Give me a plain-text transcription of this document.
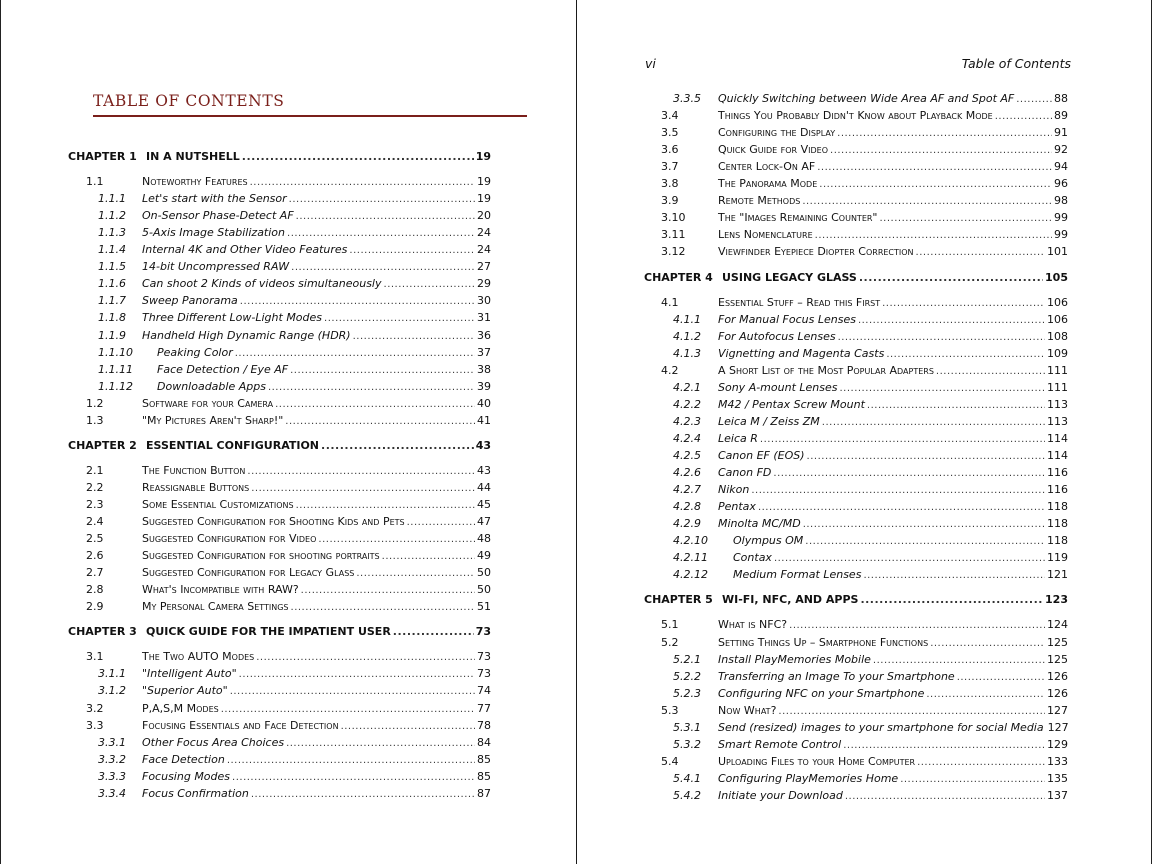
TABLE OF CONTENTS
CHAPTER 1 IN A NUTSHELL .....	19
1.1	Noteworthy Features .....	19
1.1.1	Let's start with the Sensor .....	19
1.1.2	On-Sensor Phase-Detect AF .....	20
1.1.3	5-Axis Image Stabilization .....	24
1.1.4	Internal 4K and Other Video Features .....	24
1.1.5	14-bit Uncompressed RAW .....	27
1.1.6	Can shoot 2 Kinds of videos simultaneously .....	29
1.1.7	Sweep Panorama .....	30
1.1.8	Three Different Low-Light Modes .....	31
1.1.9	Handheld High Dynamic Range (HDR) .....	36
1.1.10	Peaking Color .....	37
1.1.11	Face Detection / Eye AF .....	38
1.1.12	Downloadable Apps .....	39
1.2	Software for your Camera .....	40
1.3	"My Pictures Aren't Sharp!" .....	41
CHAPTER 2 ESSENTIAL CONFIGURATION .....	43
2.1	The Function Button .....	43
2.2	Reassignable Buttons .....	44
2.3	Some Essential Customizations .....	45
2.4	Suggested Configuration for Shooting Kids and Pets .....	47
2.5	Suggested Configuration for Video .....	48
2.6	Suggested Configuration for shooting portraits .....	49
2.7	Suggested Configuration for Legacy Glass .....	50
2.8	What's Incompatible with RAW? .....	50
2.9	My Personal Camera Settings .....	51
CHAPTER 3 QUICK GUIDE FOR THE IMPATIENT USER .....	73
3.1	The Two AUTO Modes .....	73
3.1.1	"Intelligent Auto" .....	73
3.1.2	"Superior Auto" .....	74
3.2	P,A,S,M Modes .....	77
3.3	Focusing Essentials and Face Detection .....	78
3.3.1	Other Focus Area Choices .....	84
3.3.2	Face Detection .....	85
3.3.3	Focusing Modes .....	85
3.3.4	Focus Confirmation .....	87
vi	Table of Contents
3.3.5	Quickly Switching between Wide Area AF and Spot AF .....	88
3.4	Things You Probably Didn't Know about Playback Mode .....	89
3.5	Configuring the Display .....	91
3.6	Quick Guide for Video .....	92
3.7	Center Lock-On AF .....	94
3.8	The Panorama Mode .....	96
3.9	Remote Methods .....	98
3.10	The "Images Remaining Counter" .....	99
3.11	Lens Nomenclature .....	99
3.12	Viewfinder Eyepiece Diopter Correction .....	101
CHAPTER 4 USING LEGACY GLASS .....	105
4.1	Essential Stuff – Read this First .....	106
4.1.1	For Manual Focus Lenses .....	106
4.1.2	For Autofocus Lenses .....	108
4.1.3	Vignetting and Magenta Casts .....	109
4.2	A Short List of the Most Popular Adapters .....	111
4.2.1	Sony A-mount Lenses .....	111
4.2.2	M42 / Pentax Screw Mount .....	113
4.2.3	Leica M / Zeiss ZM .....	113
4.2.4	Leica R .....	114
4.2.5	Canon EF (EOS) .....	114
4.2.6	Canon FD .....	116
4.2.7	Nikon .....	116
4.2.8	Pentax .....	118
4.2.9	Minolta MC/MD .....	118
4.2.10	Olympus OM .....	118
4.2.11	Contax .....	119
4.2.12	Medium Format Lenses .....	121
CHAPTER 5 WI-FI, NFC, AND APPS .....	123
5.1	What is NFC? .....	124
5.2	Setting Things Up – Smartphone Functions .....	125
5.2.1	Install PlayMemories Mobile .....	125
5.2.2	Transferring an Image To your Smartphone .....	126
5.2.3	Configuring NFC on your Smartphone .....	126
5.3	Now What? .....	127
5.3.1	Send (resized) images to your smartphone for social Media 127
5.3.2	Smart Remote Control .....	129
5.4	Uploading Files to your Home Computer .....	133
5.4.1	Configuring PlayMemories Home .....	135
5.4.2	Initiate your Download .....	137
